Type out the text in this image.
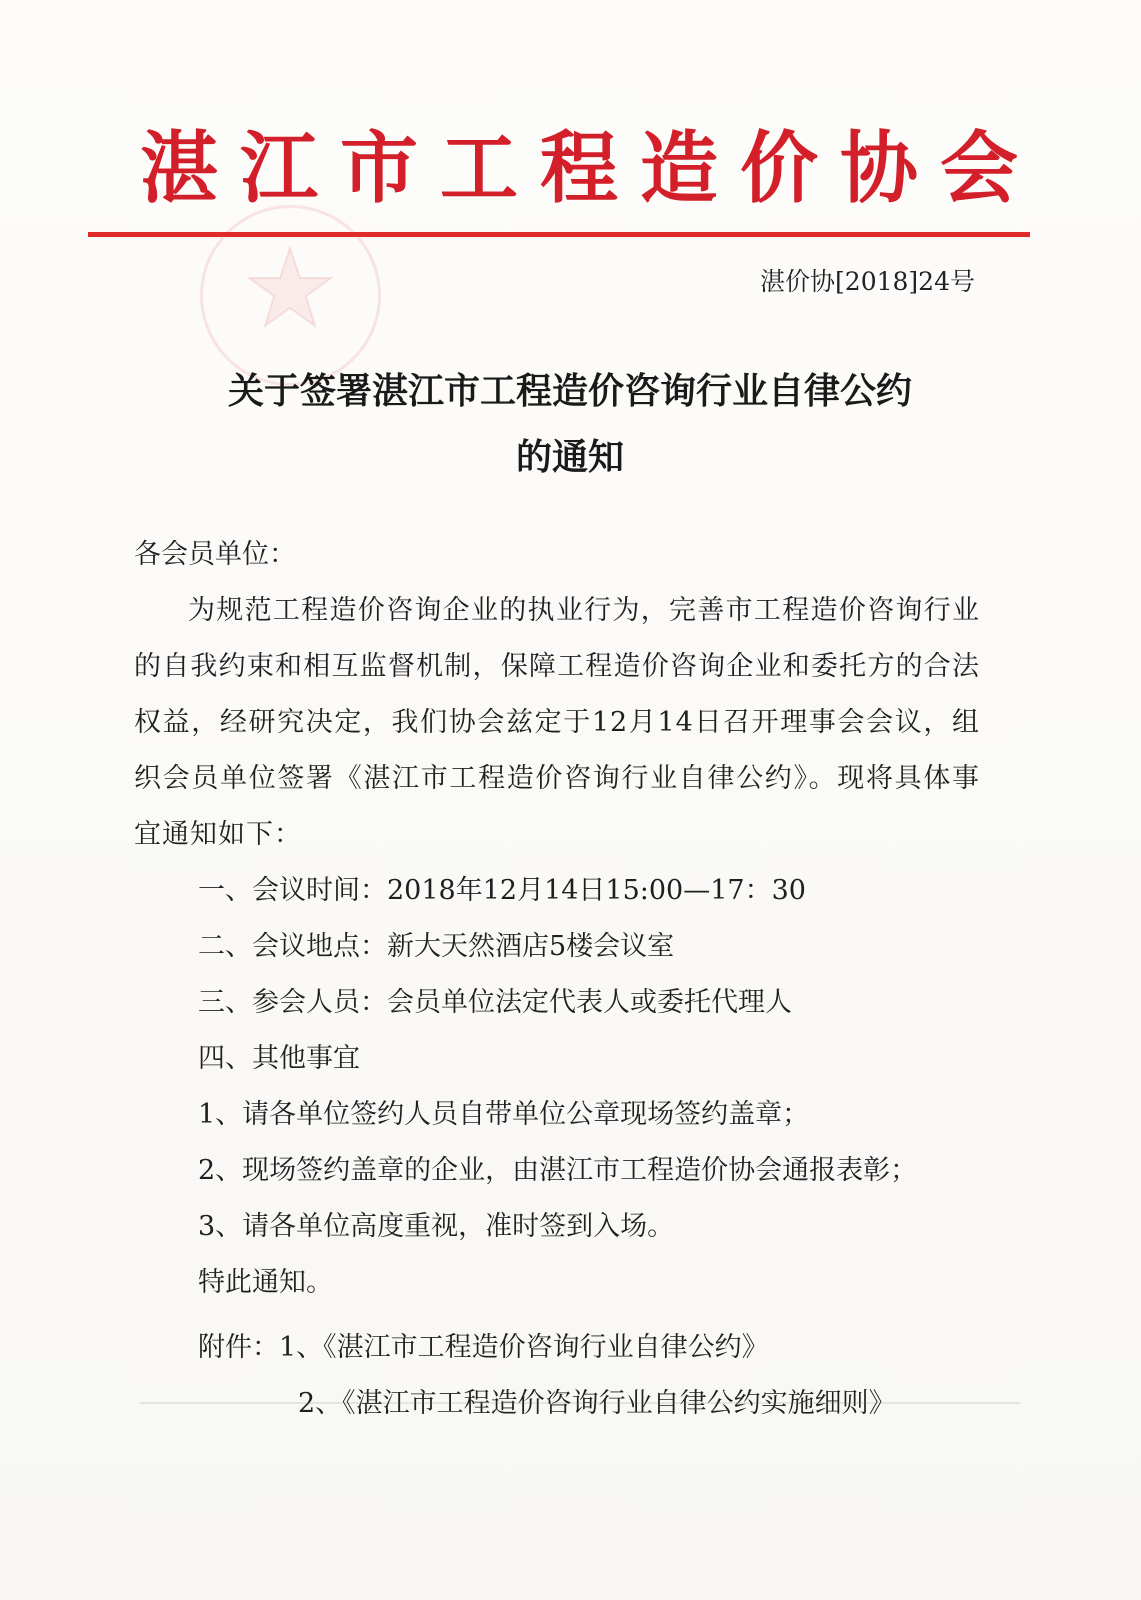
湛江市工程造价协会
湛价协[2018]24号
关于签署湛江市工程造价咨询行业自律公约
的通知
各会员单位：
为规范工程造价咨询企业的执业行为，完善市工程造价咨询行业的自我约束和相互监督机制，保障工程造价咨询企业和委托方的合法权益，经研究决定，我们协会兹定于12月14日召开理事会会议，组织会员单位签署《湛江市工程造价咨询行业自律公约》。现将具体事宜通知如下：
一、会议时间：2018年12月14日15:00—17：30
二、会议地点：新大天然酒店5楼会议室
三、参会人员：会员单位法定代表人或委托代理人
四、其他事宜
1、请各单位签约人员自带单位公章现场签约盖章；
2、现场签约盖章的企业，由湛江市工程造价协会通报表彰；
3、请各单位高度重视，准时签到入场。
特此通知。
附件：1、《湛江市工程造价咨询行业自律公约》
2、《湛江市工程造价咨询行业自律公约实施细则》
